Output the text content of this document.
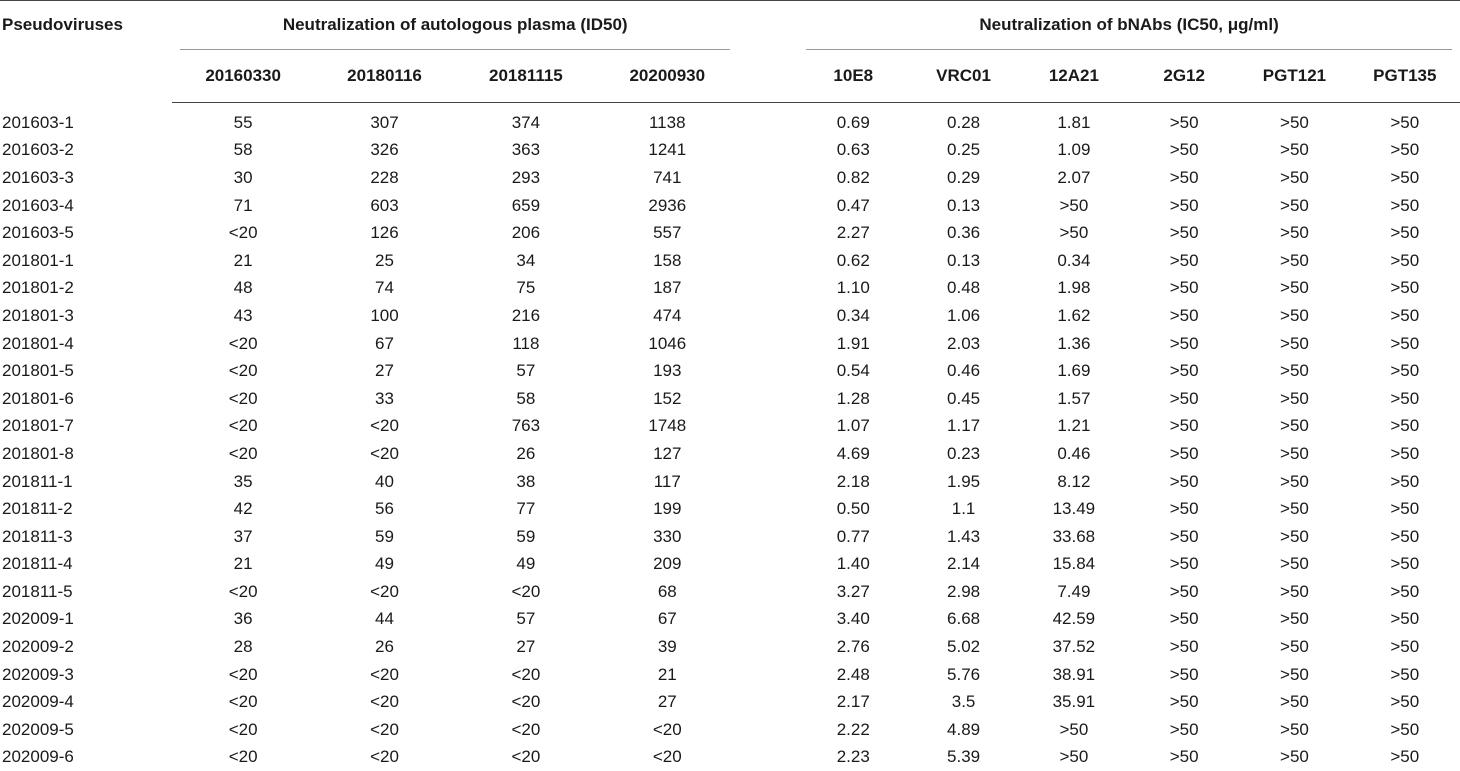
Pseudoviruses	Neutralization of autologous plasma (ID50)					Neutralization of bNAbs (IC50, μg/ml)					

	20160330	20180116	20181115	20200930		10E8	VRC01	12A21	2G12	PGT121	PGT135
201603-1	55	307	374	1138		0.69	0.28	1.81	>50	>50	>50
201603-2	58	326	363	1241		0.63	0.25	1.09	>50	>50	>50
201603-3	30	228	293	741		0.82	0.29	2.07	>50	>50	>50
201603-4	71	603	659	2936		0.47	0.13	>50	>50	>50	>50
201603-5	<20	126	206	557		2.27	0.36	>50	>50	>50	>50
201801-1	21	25	34	158		0.62	0.13	0.34	>50	>50	>50
201801-2	48	74	75	187		1.10	0.48	1.98	>50	>50	>50
201801-3	43	100	216	474		0.34	1.06	1.62	>50	>50	>50
201801-4	<20	67	118	1046		1.91	2.03	1.36	>50	>50	>50
201801-5	<20	27	57	193		0.54	0.46	1.69	>50	>50	>50
201801-6	<20	33	58	152		1.28	0.45	1.57	>50	>50	>50
201801-7	<20	<20	763	1748		1.07	1.17	1.21	>50	>50	>50
201801-8	<20	<20	26	127		4.69	0.23	0.46	>50	>50	>50
201811-1	35	40	38	117		2.18	1.95	8.12	>50	>50	>50
201811-2	42	56	77	199		0.50	1.1	13.49	>50	>50	>50
201811-3	37	59	59	330		0.77	1.43	33.68	>50	>50	>50
201811-4	21	49	49	209		1.40	2.14	15.84	>50	>50	>50
201811-5	<20	<20	<20	68		3.27	2.98	7.49	>50	>50	>50
202009-1	36	44	57	67		3.40	6.68	42.59	>50	>50	>50
202009-2	28	26	27	39		2.76	5.02	37.52	>50	>50	>50
202009-3	<20	<20	<20	21		2.48	5.76	38.91	>50	>50	>50
202009-4	<20	<20	<20	27		2.17	3.5	35.91	>50	>50	>50
202009-5	<20	<20	<20	<20		2.22	4.89	>50	>50	>50	>50
202009-6	<20	<20	<20	<20		2.23	5.39	>50	>50	>50	>50
